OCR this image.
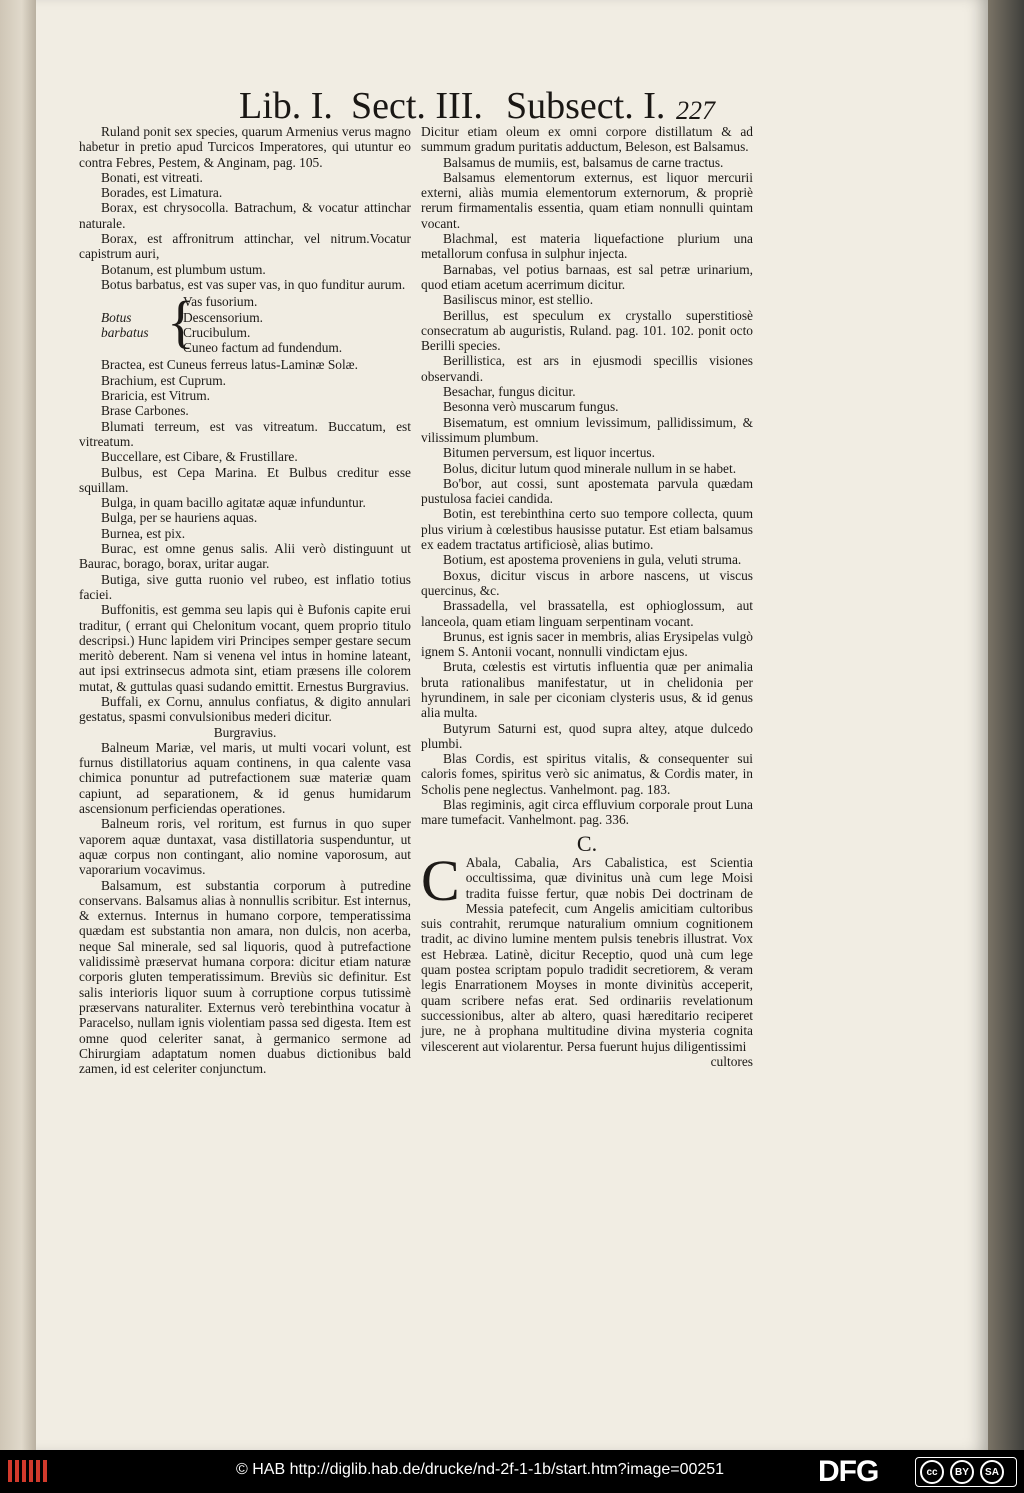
Lib. I. Sect. III. Subsect. I. 227

Ruland ponit sex species, quarum Armenius verus magno habetur in pretio apud Turcicos Imperatores, qui utuntur eo contra Febres, Pestem, & Anginam, pag. 105.

Bonati, est vitreati.

Borades, est Limatura.

Borax, est chrysocolla. Batrachum, & vocatur attinchar naturale.

Borax, est affronitrum attinchar, vel nitrum.Vocatur capistrum auri,

Botanum, est plumbum ustum.

Botus barbatus, est vas super vas, in quo funditur aurum.

Botus barbatus {
Vas fusorium.
Descensorium.
Crucibulum.
Cuneo factum ad fundendum.

Bractea, est Cuneus ferreus latus-Laminæ Solæ.

Brachium, est Cuprum.

Braricia, est Vitrum.

Brase Carbones.

Blumati terreum, est vas vitreatum. Buccatum, est vitreatum.

Buccellare, est Cibare, & Frustillare.

Bulbus, est Cepa Marina. Et Bulbus creditur esse squillam.

Bulga, in quam bacillo agitatæ aquæ infunduntur.

Bulga, per se hauriens aquas.

Burnea, est pix.

Burac, est omne genus salis. Alii verò distinguunt ut Baurac, borago, borax, uritar augar.

Butiga, sive gutta ruonio vel rubeo, est inflatio totius faciei.

Buffonitis, est gemma seu lapis qui è Bufonis capite erui traditur, ( errant qui Chelonitum vocant, quem proprio titulo descripsi.) Hunc lapidem viri Principes semper gestare secum meritò deberent. Nam si venena vel intus in homine lateant, aut ipsi extrinsecus admota sint, etiam præsens ille colorem mutat, & guttulas quasi sudando emittit. Ernestus Burgravius.

Buffali, ex Cornu, annulus confiatus, & digito annulari gestatus, spasmi convulsionibus mederi dicitur.

Burgravius.

Balneum Mariæ, vel maris, ut multi vocari volunt, est furnus distillatorius aquam continens, in qua calente vasa chimica ponuntur ad putrefactionem suæ materiæ quam capiunt, ad separationem, & id genus humidarum ascensionum perficiendas operationes.

Balneum roris, vel roritum, est furnus in quo super vaporem aquæ duntaxat, vasa distillatoria suspenduntur, ut aquæ corpus non contingant, alio nomine vaporosum, aut vaporarium vocavimus.

Balsamum, est substantia corporum à putredine conservans. Balsamus alias à nonnullis scribitur. Est internus, & externus. Internus in humano corpore, temperatissima quædam est substantia non amara, non dulcis, non acerba, neque Sal minerale, sed sal liquoris, quod à putrefactione validissimè præservat humana corpora: dicitur etiam naturæ corporis gluten temperatissimum. Breviùs sic definitur. Est salis interioris liquor suum à corruptione corpus tutissimè præservans naturaliter. Externus verò terebinthina vocatur à Paracelso, nullam ignis violentiam passa sed digesta. Item est omne quod celeriter sanat, à germanico sermone ad Chirurgiam adaptatum nomen duabus dictionibus bald zamen, id est celeriter conjunctum.

Dicitur etiam oleum ex omni corpore distillatum & ad summum gradum puritatis adductum, Beleson, est Balsamus.

Balsamus de mumiis, est, balsamus de carne tractus.

Balsamus elementorum externus, est liquor mercurii externi, aliàs mumia elementorum externorum, & propriè rerum firmamentalis essentia, quam etiam nonnulli quintam vocant.

Blachmal, est materia liquefactione plurium una metallorum confusa in sulphur injecta.

Barnabas, vel potius barnaas, est sal petræ urinarium, quod etiam acetum acerrimum dicitur.

Basiliscus minor, est stellio.

Berillus, est speculum ex crystallo superstitiosè consecratum ab auguristis, Ruland. pag. 101. 102. ponit octo Berilli species.

Berillistica, est ars in ejusmodi specillis visiones observandi.

Besachar, fungus dicitur.

Besonna verò muscarum fungus.

Bisematum, est omnium levissimum, pallidissimum, & vilissimum plumbum.

Bitumen perversum, est liquor incertus.

Bolus, dicitur lutum quod minerale nullum in se habet.

Bo'bor, aut cossi, sunt apostemata parvula quædam pustulosa faciei candida.

Botin, est terebinthina certo suo tempore collecta, quum plus virium à cœlestibus hausisse putatur. Est etiam balsamus ex eadem tractatus artificiosè, alias butimo.

Botium, est apostema proveniens in gula, veluti struma.

Boxus, dicitur viscus in arbore nascens, ut viscus quercinus, &c.

Brassadella, vel brassatella, est ophioglossum, aut lanceola, quam etiam linguam serpentinam vocant.

Brunus, est ignis sacer in membris, alias Erysipelas vulgò ignem S. Antonii vocant, nonnulli vindictam ejus.

Bruta, cœlestis est virtutis influentia quæ per animalia bruta rationalibus manifestatur, ut in chelidonia per hyrundinem, in sale per ciconiam clysteris usus, & id genus alia multa.

Butyrum Saturni est, quod supra altey, atque dulcedo plumbi.

Blas Cordis, est spiritus vitalis, & consequenter sui caloris fomes, spiritus verò sic animatus, & Cordis mater, in Scholis pene neglectus. Vanhelmont. pag. 183.

Blas regiminis, agit circa effluvium corporale prout Luna mare tumefacit. Vanhelmont. pag. 336.

C.
C Abala, Cabalia, Ars Cabalistica, est Scientia occultissima, quæ divinitus unà cum lege Moisi tradita fuisse fertur, quæ nobis Dei doctrinam de Messia patefecit, cum Angelis amicitiam cultoribus suis contrahit, rerumque naturalium omnium cognitionem tradit, ac divino lumine mentem pulsis tenebris illustrat. Vox est Hebræa. Latinè, dicitur Receptio, quod unà cum lege quam postea scriptam populo tradidit secretiorem, & veram legis Enarrationem Moyses in monte divinitùs acceperit, quam scribere nefas erat. Sed ordinariis revelationum successionibus, alter ab altero, quasi hæreditario reciperet jure, ne à prophana multitudine divina mysteria cognita vilescerent aut violarentur. Persa fuerunt hujus diligentissimi

cultores

© HAB http://diglib.hab.de/drucke/nd-2f-1-1b/start.htm?image=00251	DFG	cc	BY	SA
